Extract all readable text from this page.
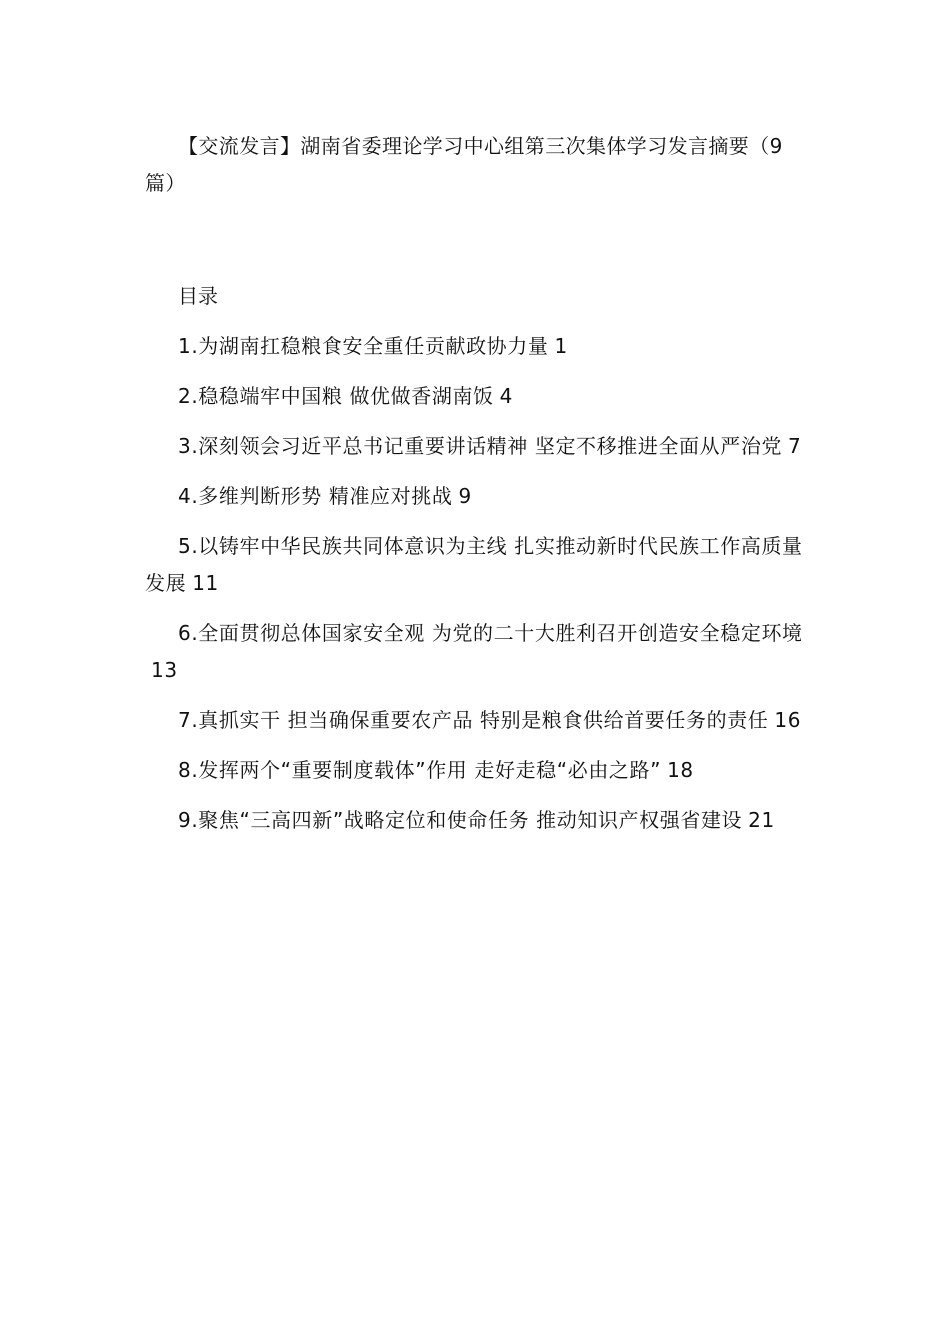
【交流发言】湖南省委理论学习中心组第三次集体学习发言摘要（9篇）

目录
1.为湖南扛稳粮食安全重任贡献政协力量 1
2.稳稳端牢中国粮 做优做香湖南饭 4
3.深刻领会习近平总书记重要讲话精神 坚定不移推进全面从严治党 7
4.多维判断形势 精准应对挑战 9
5.以铸牢中华民族共同体意识为主线 扎实推动新时代民族工作高质量发展 11
6.全面贯彻总体国家安全观 为党的二十大胜利召开创造安全稳定环境13
7.真抓实干 担当确保重要农产品 特别是粮食供给首要任务的责任 16
8.发挥两个“重要制度载体”作用 走好走稳“必由之路” 18
9.聚焦“三高四新”战略定位和使命任务 推动知识产权强省建设 21
